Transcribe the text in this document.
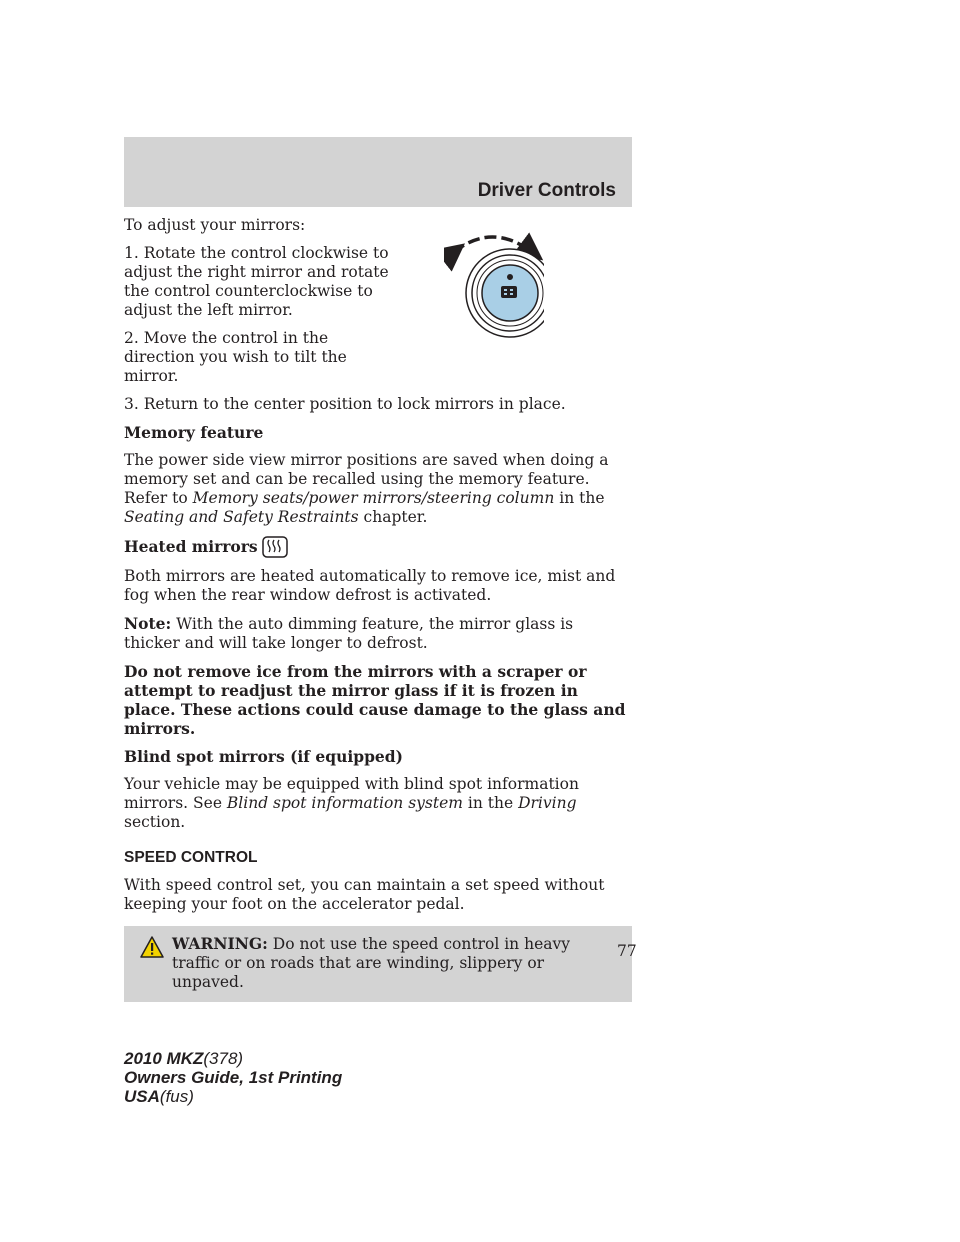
Driver Controls

To adjust your mirrors:

1. Rotate the control clockwise to adjust the right mirror and rotate the control counterclockwise to adjust the left mirror.

2. Move the control in the direction you wish to tilt the mirror.

3. Return to the center position to lock mirrors in place.

Memory feature

The power side view mirror positions are saved when doing a memory set and can be recalled using the memory feature. Refer to Memory seats/power mirrors/steering column in the Seating and Safety Restraints chapter.

Heated mirrors

Both mirrors are heated automatically to remove ice, mist and fog when the rear window defrost is activated.

Note: With the auto dimming feature, the mirror glass is thicker and will take longer to defrost.

Do not remove ice from the mirrors with a scraper or attempt to readjust the mirror glass if it is frozen in place. These actions could cause damage to the glass and mirrors.

Blind spot mirrors (if equipped)

Your vehicle may be equipped with blind spot information mirrors. See Blind spot information system in the Driving section.

SPEED CONTROL

With speed control set, you can maintain a set speed without keeping your foot on the accelerator pedal.

WARNING: Do not use the speed control in heavy traffic or on roads that are winding, slippery or unpaved.
77
2010 MKZ(378)
Owners Guide, 1st Printing
USA(fus)
